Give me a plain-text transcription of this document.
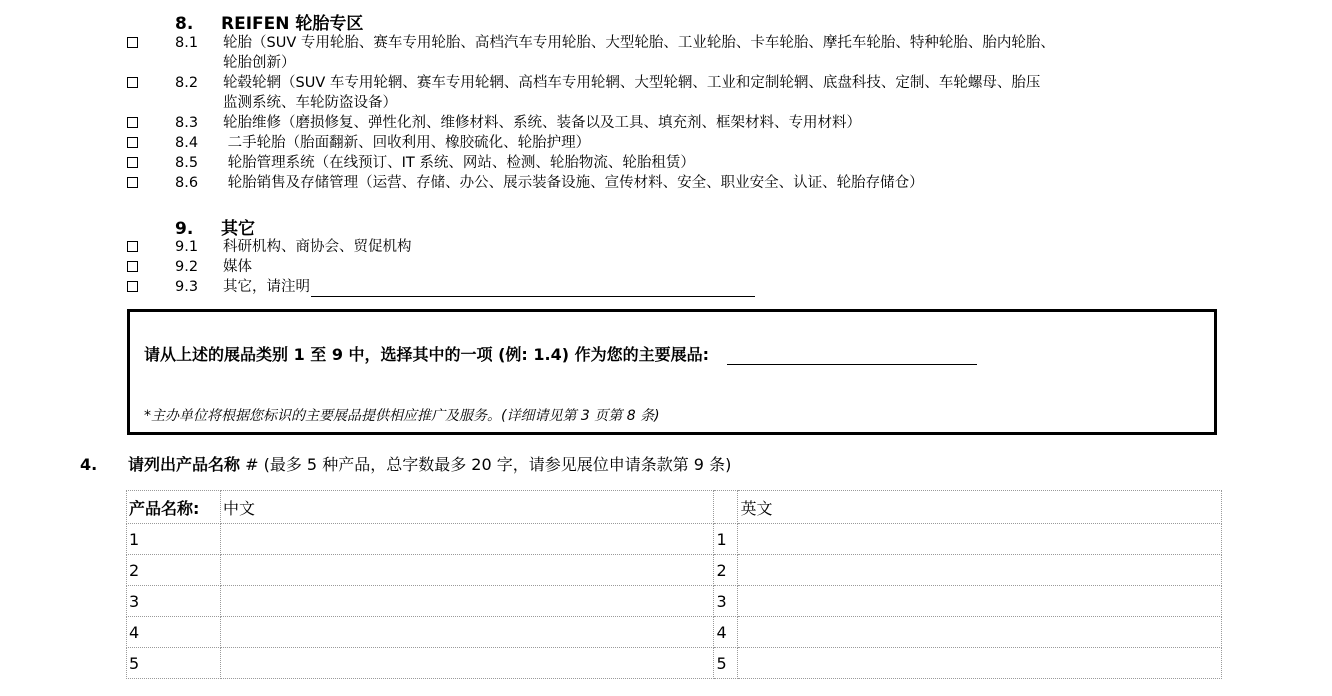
8. REIFEN 轮胎专区
8.1 轮胎（SUV 专用轮胎、赛车专用轮胎、高档汽车专用轮胎、大型轮胎、工业轮胎、卡车轮胎、摩托车轮胎、特种轮胎、胎内轮胎、
轮胎创新）
8.2 轮毂轮辋（SUV 车专用轮辋、赛车专用轮辋、高档车专用轮辋、大型轮辋、工业和定制轮辋、底盘科技、定制、车轮螺母、胎压
监测系统、车轮防盗设备）
8.3 轮胎维修（磨损修复、弹性化剂、维修材料、系统、装备以及工具、填充剂、框架材料、专用材料）
8.4 二手轮胎（胎面翻新、回收利用、橡胶硫化、轮胎护理）
8.5 轮胎管理系统（在线预订、IT 系统、网站、检测、轮胎物流、轮胎租赁）
8.6 轮胎销售及存储管理（运营、存储、办公、展示装备设施、宣传材料、安全、职业安全、认证、轮胎存储仓）
9. 其它
9.1 科研机构、商协会、贸促机构
9.2 媒体
9.3 其它，请注明
请从上述的展品类别 1 至 9 中，选择其中的一项 (例: 1.4) 作为您的主要展品:
*主办单位将根据您标识的主要展品提供相应推广及服务。(详细请见第 3 页第 8 条)
4. 请列出产品名称 # (最多 5 种产品，总字数最多 20 字，请参见展位申请条款第 9 条)
产品名称:	中文		英文
1		1	
2		2	
3		3	
4		4	
5		5	
